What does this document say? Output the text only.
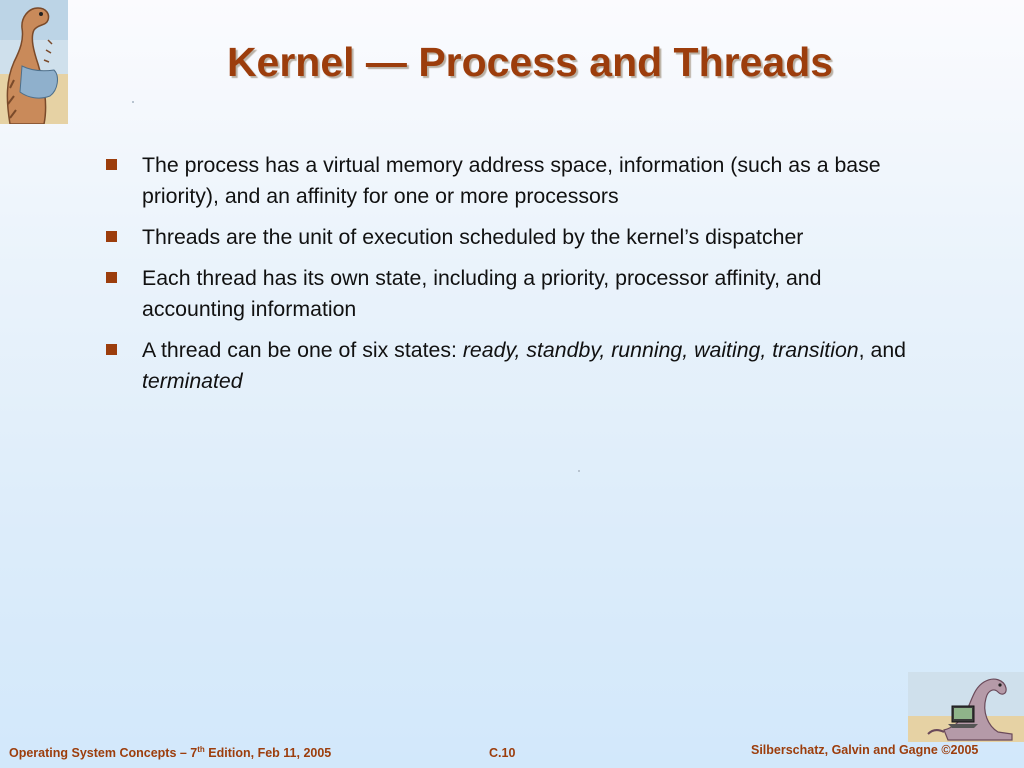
Kernel — Process and Threads
The process has a virtual memory address space, information (such as a base priority), and an affinity for one or more processors
Threads are the unit of execution scheduled by the kernel’s dispatcher
Each thread has its own state, including a priority, processor affinity, and accounting information
A thread can be one of six states: ready, standby, running, waiting, transition, and terminated
Operating System Concepts – 7th Edition, Feb 11, 2005	C.10	Silberschatz, Galvin and Gagne ©2005
